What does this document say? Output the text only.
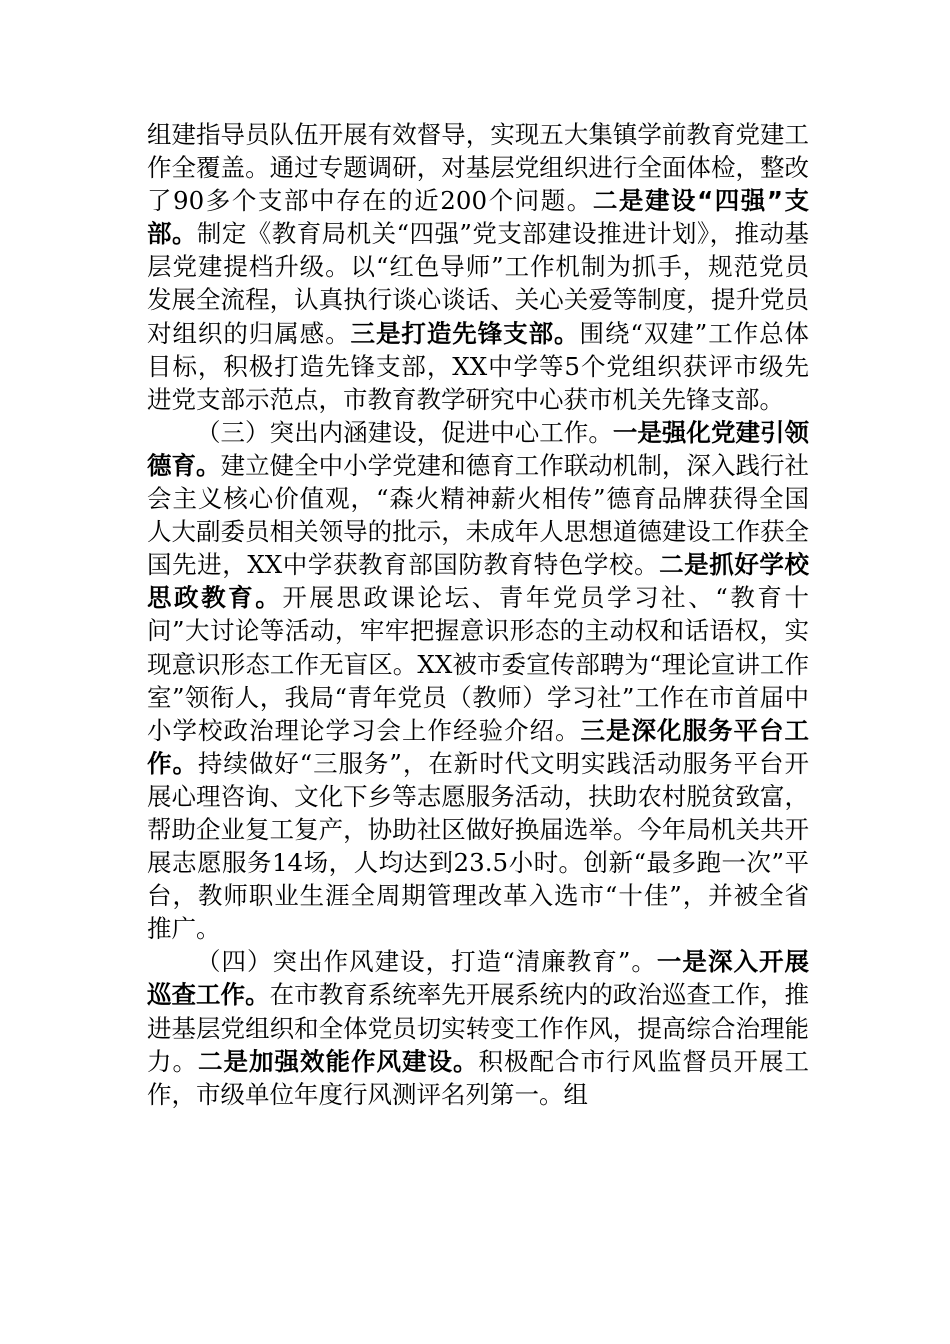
组建指导员队伍开展有效督导，实现五大集镇学前教育党建工作全覆盖。通过专题调研，对基层党组织进行全面体检，整改了90多个支部中存在的近200个问题。二是建设“四强”支部。制定《教育局机关“四强”党支部建设推进计划》，推动基层党建提档升级。以“红色导师”工作机制为抓手，规范党员发展全流程，认真执行谈心谈话、关心关爱等制度，提升党员对组织的归属感。三是打造先锋支部。围绕“双建”工作总体目标，积极打造先锋支部，XX中学等5个党组织获评市级先进党支部示范点，市教育教学研究中心获市机关先锋支部。

（三）突出内涵建设，促进中心工作。一是强化党建引领德育。建立健全中小学党建和德育工作联动机制，深入践行社会主义核心价值观，“森火精神薪火相传”德育品牌获得全国人大副委员相关领导的批示，未成年人思想道德建设工作获全国先进，XX中学获教育部国防教育特色学校。二是抓好学校思政教育。开展思政课论坛、青年党员学习社、“教育十问”大讨论等活动，牢牢把握意识形态的主动权和话语权，实现意识形态工作无盲区。XX被市委宣传部聘为“理论宣讲工作室”领衔人，我局“青年党员（教师）学习社”工作在市首届中小学校政治理论学习会上作经验介绍。三是深化服务平台工作。持续做好“三服务”，在新时代文明实践活动服务平台开展心理咨询、文化下乡等志愿服务活动，扶助农村脱贫致富，帮助企业复工复产，协助社区做好换届选举。今年局机关共开展志愿服务14场，人均达到23.5小时。创新“最多跑一次”平台，教师职业生涯全周期管理改革入选市“十佳”，并被全省推广。

（四）突出作风建设，打造“清廉教育”。一是深入开展巡查工作。在市教育系统率先开展系统内的政治巡查工作，推进基层党组织和全体党员切实转变工作作风，提高综合治理能力。二是加强效能作风建设。积极配合市行风监督员开展工作，市级单位年度行风测评名列第一。组
